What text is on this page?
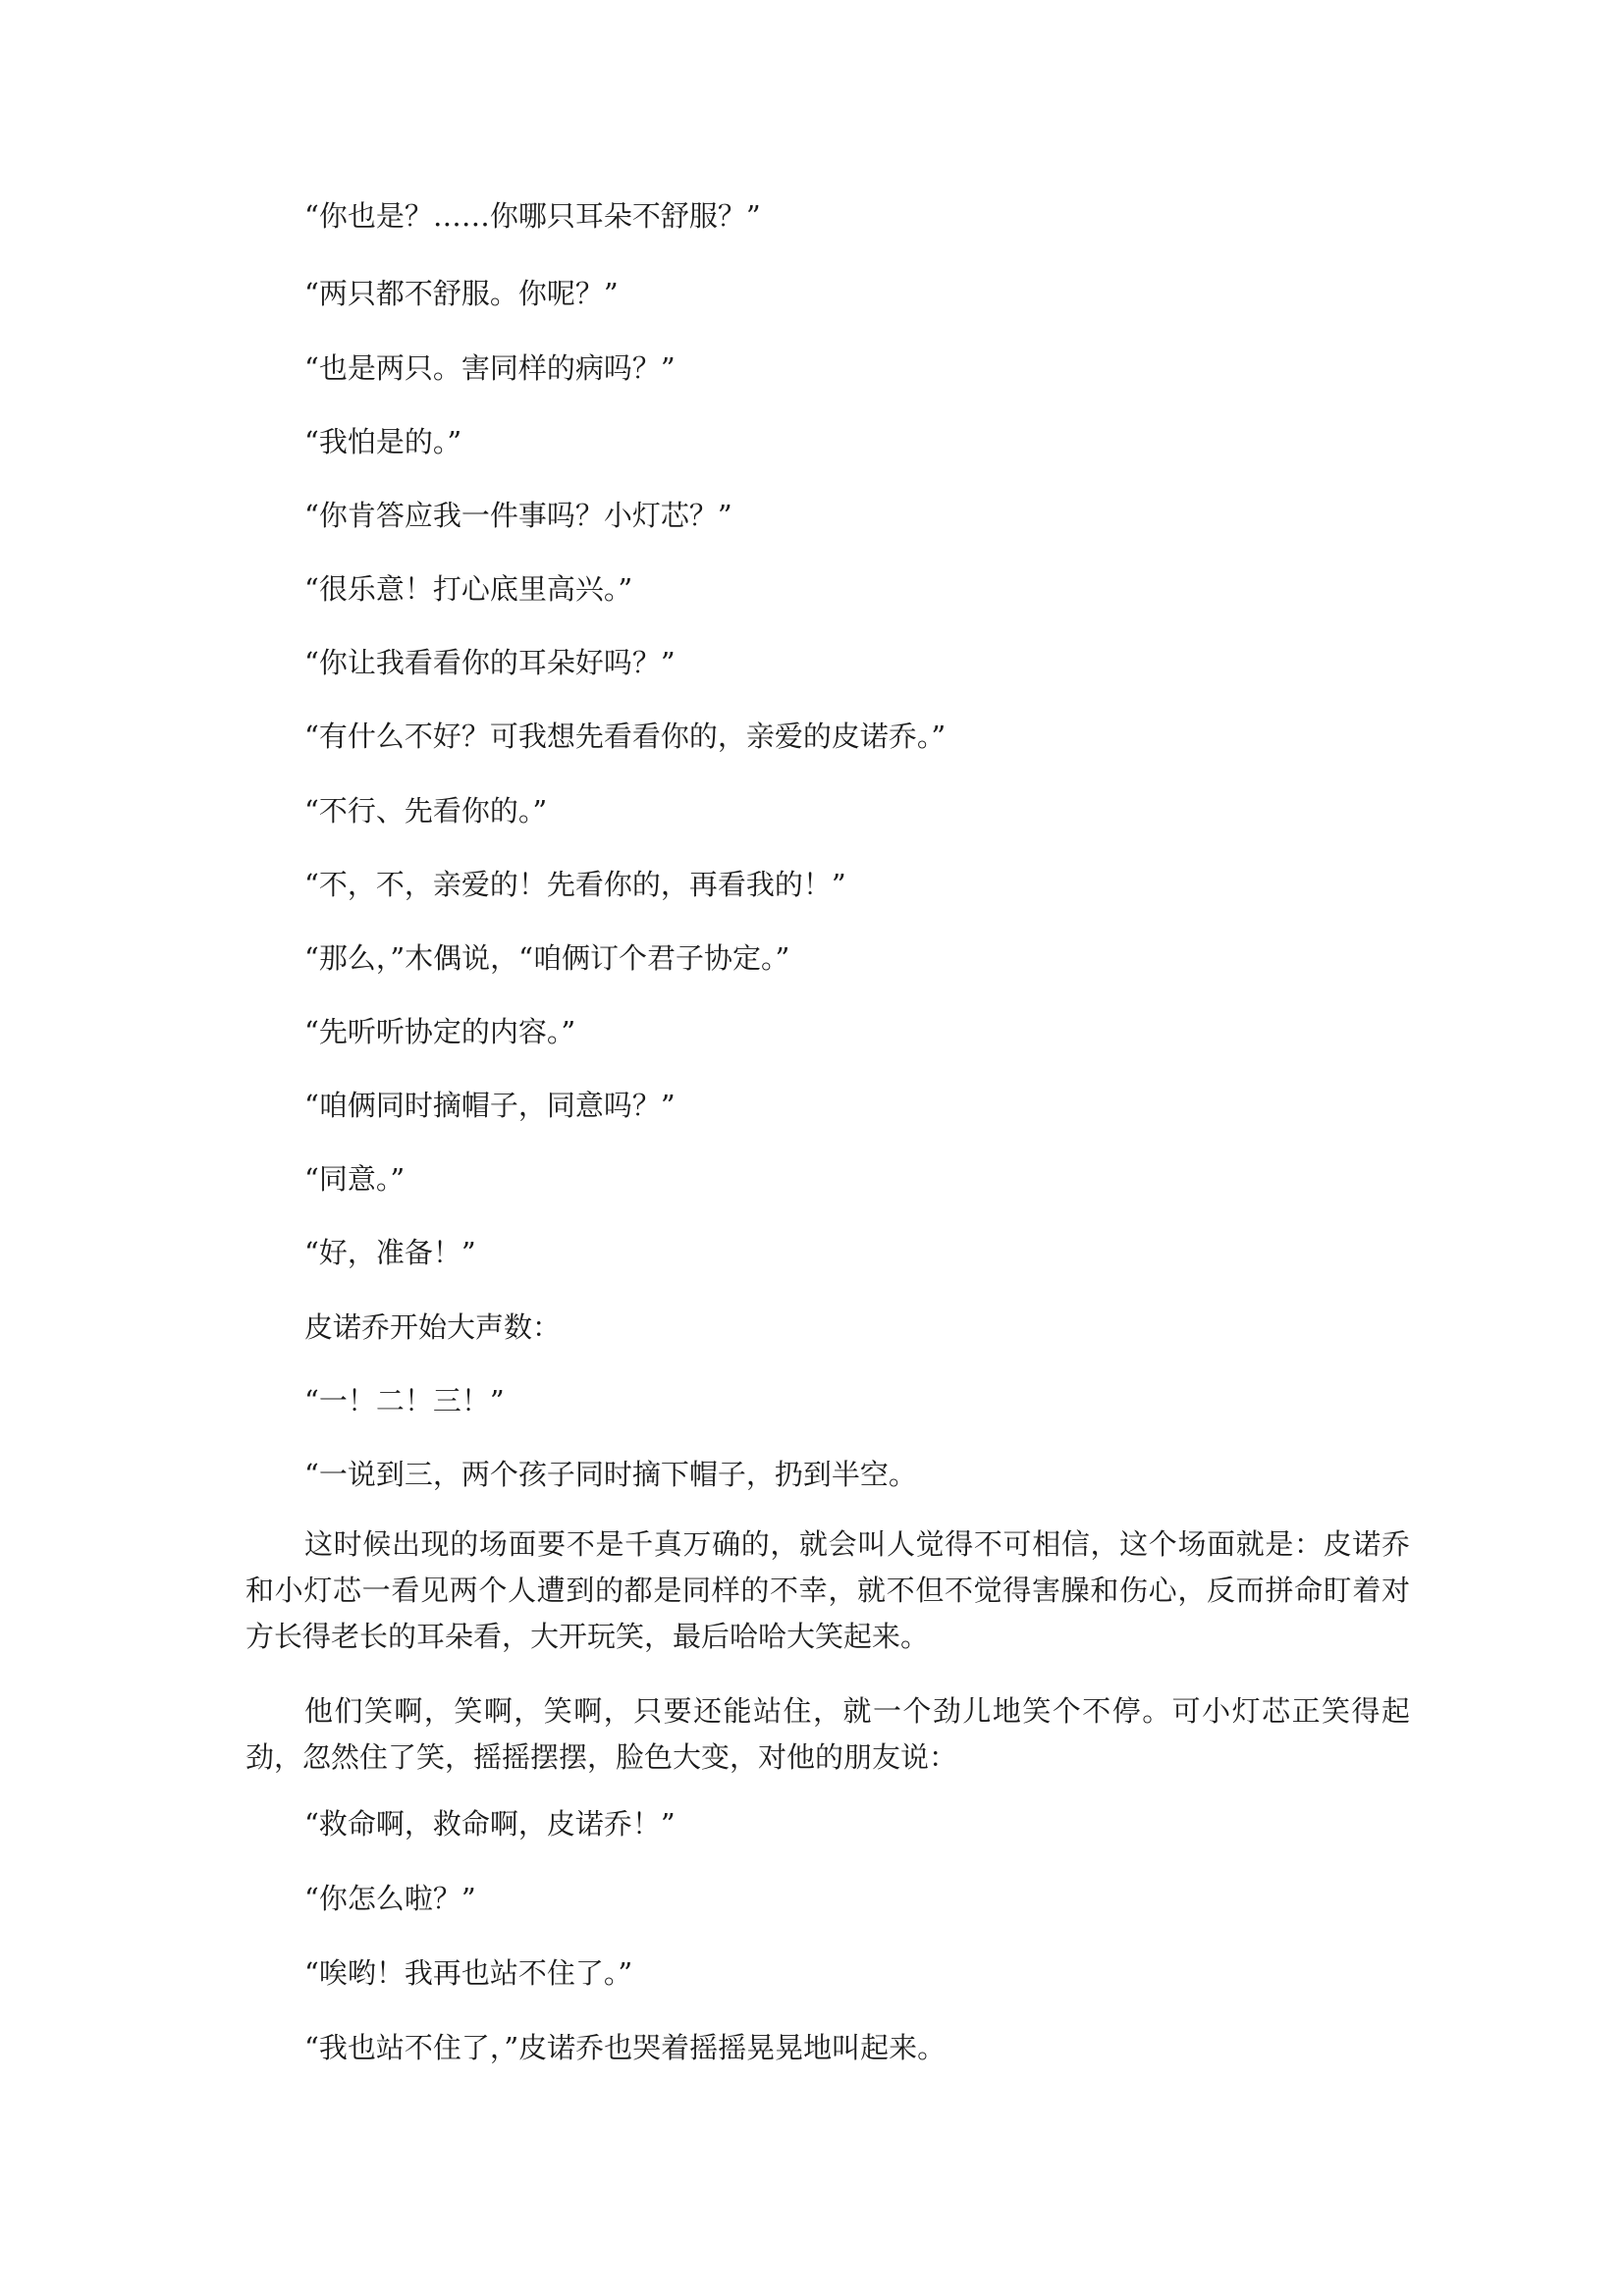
“你也是？……你哪只耳朵不舒服？”
“两只都不舒服。你呢？”
“也是两只。害同样的病吗？”
“我怕是的。”
“你肯答应我一件事吗？小灯芯？”
“很乐意！打心底里高兴。”
“你让我看看你的耳朵好吗？”
“有什么不好？可我想先看看你的，亲爱的皮诺乔。”
“不行、先看你的。”
“不，不，亲爱的！先看你的，再看我的！”
“那么，”木偶说，“咱俩订个君子协定。”
“先听听协定的内容。”
“咱俩同时摘帽子，同意吗？”
“同意。”
“好，准备！”
皮诺乔开始大声数：
“一！二！三！”
“一说到三，两个孩子同时摘下帽子，扔到半空。

这时候出现的场面要不是千真万确的，就会叫人觉得不可相信，这个场面就是：皮诺乔和小灯芯一看见两个人遭到的都是同样的不幸，就不但不觉得害臊和伤心，反而拼命盯着对方长得老长的耳朵看，大开玩笑，最后哈哈大笑起来。

他们笑啊，笑啊，笑啊，只要还能站住，就一个劲儿地笑个不停。可小灯芯正笑得起劲，忽然住了笑，摇摇摆摆，脸色大变，对他的朋友说：

“救命啊，救命啊，皮诺乔！”
“你怎么啦？”
“唉哟！我再也站不住了。”
“我也站不住了，”皮诺乔也哭着摇摇晃晃地叫起来。
